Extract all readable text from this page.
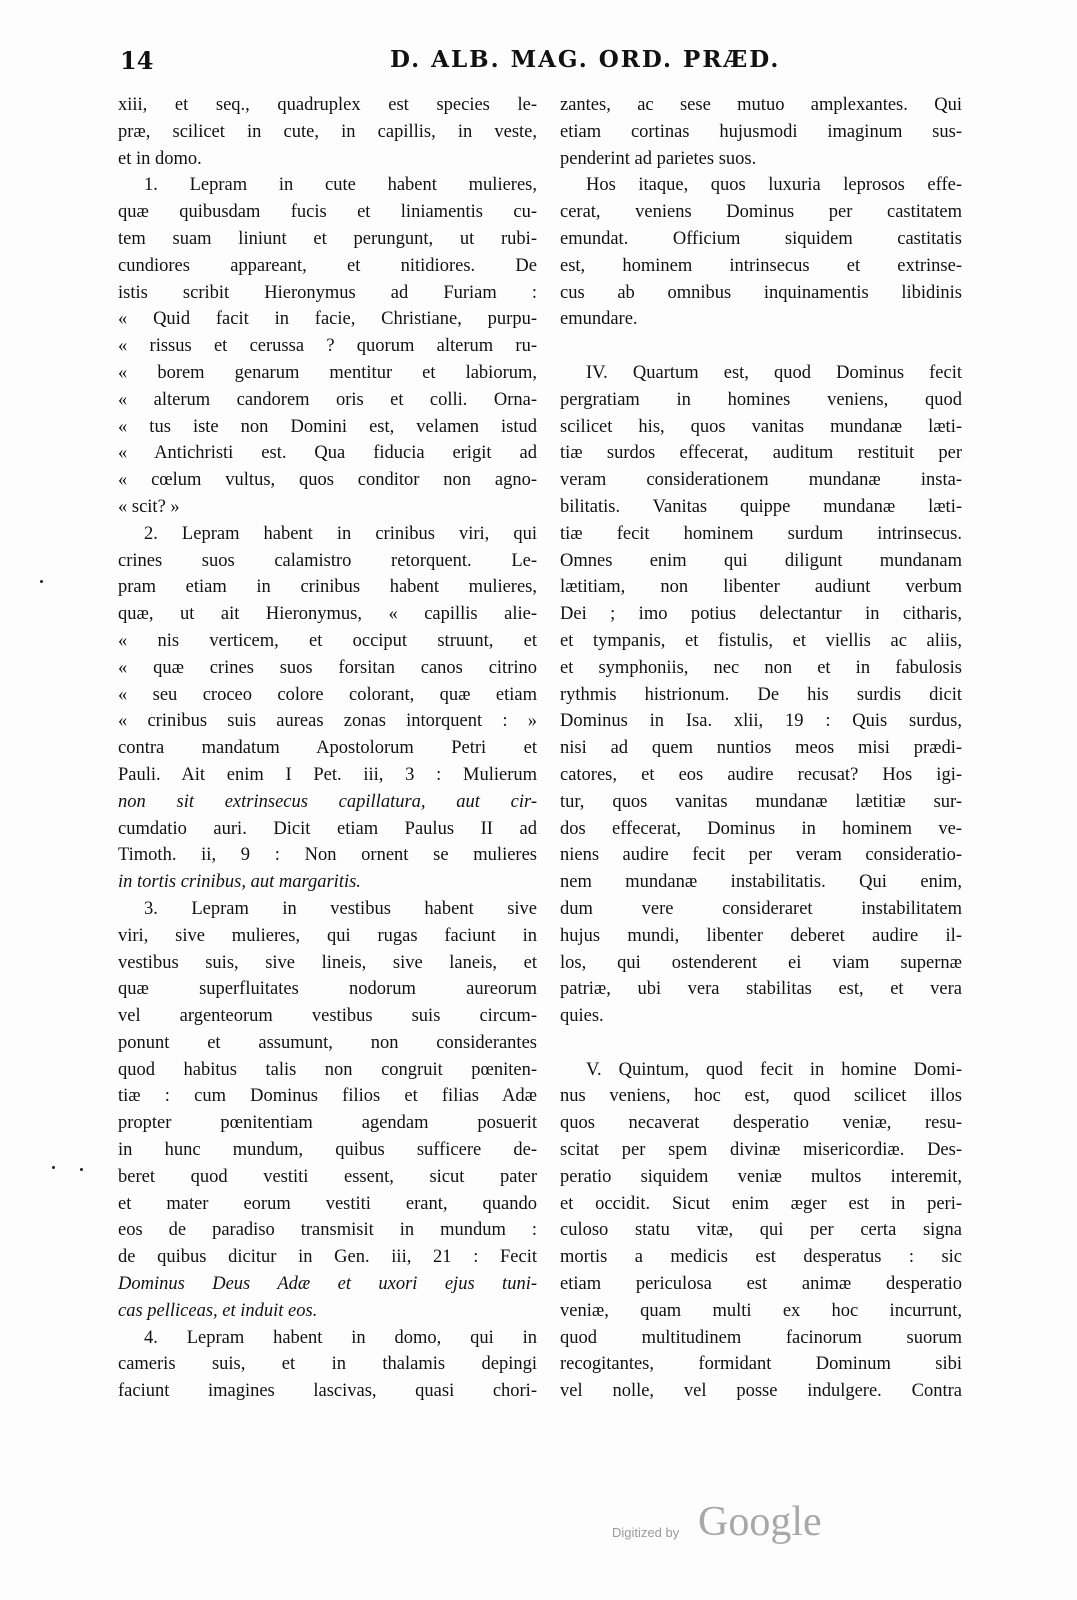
14	D. ALB. MAG. ORD. PRÆD.
xiii, et seq., quadruplex est species le-
præ, scilicet in cute, in capillis, in veste,
et in domo.
1. Lepram in cute habent mulieres,
quæ quibusdam fucis et liniamentis cu-
tem suam liniunt et perungunt, ut rubi-
cundiores appareant, et nitidiores. De
istis scribit Hieronymus ad Furiam :
« Quid facit in facie, Christiane, purpu-
« rissus et cerussa ? quorum alterum ru-
« borem genarum mentitur et labiorum,
« alterum candorem oris et colli. Orna-
« tus iste non Domini est, velamen istud
« Antichristi est. Qua fiducia erigit ad
« cœlum vultus, quos conditor non agno-
« scit? »
2. Lepram habent in crinibus viri, qui
crines suos calamistro retorquent. Le-
pram etiam in crinibus habent mulieres,
quæ, ut ait Hieronymus, « capillis alie-
« nis verticem, et occiput struunt, et
« quæ crines suos forsitan canos citrino
« seu croceo colore colorant, quæ etiam
« crinibus suis aureas zonas intorquent : »
contra mandatum Apostolorum Petri et
Pauli. Ait enim I Pet. iii, 3 : Mulierum
non sit extrinsecus capillatura, aut cir-
cumdatio auri. Dicit etiam Paulus II ad
Timoth. ii, 9 : Non ornent se mulieres
in tortis crinibus, aut margaritis.
3. Lepram in vestibus habent sive
viri, sive mulieres, qui rugas faciunt in
vestibus suis, sive lineis, sive laneis, et
quæ superfluitates nodorum aureorum
vel argenteorum vestibus suis circum-
ponunt et assumunt, non considerantes
quod habitus talis non congruit pœniten-
tiæ : cum Dominus filios et filias Adæ
propter pœnitentiam agendam posuerit
in hunc mundum, quibus sufficere de-
beret quod vestiti essent, sicut pater
et mater eorum vestiti erant, quando
eos de paradiso transmisit in mundum :
de quibus dicitur in Gen. iii, 21 : Fecit
Dominus Deus Adæ et uxori ejus tuni-
cas pelliceas, et induit eos.
4. Lepram habent in domo, qui in
cameris suis, et in thalamis depingi
faciunt imagines lascivas, quasi chori-
zantes, ac sese mutuo amplexantes. Qui
etiam cortinas hujusmodi imaginum sus-
penderint ad parietes suos.
Hos itaque, quos luxuria leprosos effe-
cerat, veniens Dominus per castitatem
emundat. Officium siquidem castitatis
est, hominem intrinsecus et extrinse-
cus ab omnibus inquinamentis libidinis
emundare.
IV. Quartum est, quod Dominus fecit
pergratiam in homines veniens, quod
scilicet his, quos vanitas mundanæ læti-
tiæ surdos effecerat, auditum restituit per
veram considerationem mundanæ insta-
bilitatis. Vanitas quippe mundanæ læti-
tiæ fecit hominem surdum intrinsecus.
Omnes enim qui diligunt mundanam
lætitiam, non libenter audiunt verbum
Dei ; imo potius delectantur in citharis,
et tympanis, et fistulis, et viellis ac aliis,
et symphoniis, nec non et in fabulosis
rythmis histrionum. De his surdis dicit
Dominus in Isa. xlii, 19 : Quis surdus,
nisi ad quem nuntios meos misi prædi-
catores, et eos audire recusat? Hos igi-
tur, quos vanitas mundanæ lætitiæ sur-
dos effecerat, Dominus in hominem ve-
niens audire fecit per veram consideratio-
nem mundanæ instabilitatis. Qui enim,
dum vere consideraret instabilitatem
hujus mundi, libenter deberet audire il-
los, qui ostenderent ei viam supernæ
patriæ, ubi vera stabilitas est, et vera
quies.
V. Quintum, quod fecit in homine Domi-
nus veniens, hoc est, quod scilicet illos
quos necaverat desperatio veniæ, resu-
scitat per spem divinæ misericordiæ. Des-
peratio siquidem veniæ multos interemit,
et occidit. Sicut enim æger est in peri-
culoso statu vitæ, qui per certa signa
mortis a medicis est desperatus : sic
etiam periculosa est animæ desperatio
veniæ, quam multi ex hoc incurrunt,
quod multitudinem facinorum suorum
recogitantes, formidant Dominum sibi
vel nolle, vel posse indulgere. Contra
Digitized by Google
